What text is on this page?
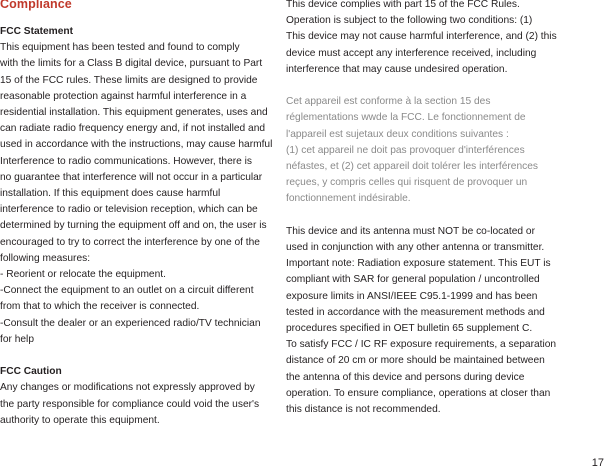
Compliance
FCC Statement
This equipment has been tested and found to comply
with the limits for a Class B digital device, pursuant to Part
15 of the FCC rules. These limits are designed to provide
reasonable protection against harmful interference in a
residential installation. This equipment generates, uses and
can radiate radio frequency energy and, if not installed and
used in accordance with the instructions, may cause harmful
Interference to radio communications. However, there is
no guarantee that interference will not occur in a particular
installation. If this equipment does cause harmful
interference to radio or television reception, which can be
determined by turning the equipment off and on, the user is
encouraged to try to correct the interference by one of the
following measures:
- Reorient or relocate the equipment.
-Connect the equipment to an outlet on a circuit different
from that to which the receiver is connected.
-Consult the dealer or an experienced radio/TV technician
for help
FCC Caution
Any changes or modifications not expressly approved by
the party responsible for compliance could void the user's
authority to operate this equipment.
This device complies with part 15 of the FCC Rules.
Operation is subject to the following two conditions: (1)
This device may not cause harmful interference, and (2) this
device must accept any interference received, including
interference that may cause undesired operation.
Cet appareil est conforme à la section 15 des
réglementations wwde la FCC. Le fonctionnement de
l'appareil est sujetaux deux conditions suivantes :
(1) cet appareil ne doit pas provoquer d'interférences
néfastes, et (2) cet appareil doit tolérer les interférences
reçues, y compris celles qui risquent de provoquer un
fonctionnement indésirable.
This device and its antenna must NOT be co-located or
used in conjunction with any other antenna or transmitter.
Important note: Radiation exposure statement. This EUT is
compliant with SAR for general population / uncontrolled
exposure limits in ANSI/IEEE C95.1-1999 and has been
tested in accordance with the measurement methods and
procedures specified in OET bulletin 65 supplement C.
To satisfy FCC / IC RF exposure requirements, a separation
distance of 20 cm or more should be maintained between
the antenna of this device and persons during device
operation. To ensure compliance, operations at closer than
this distance is not recommended.
17
